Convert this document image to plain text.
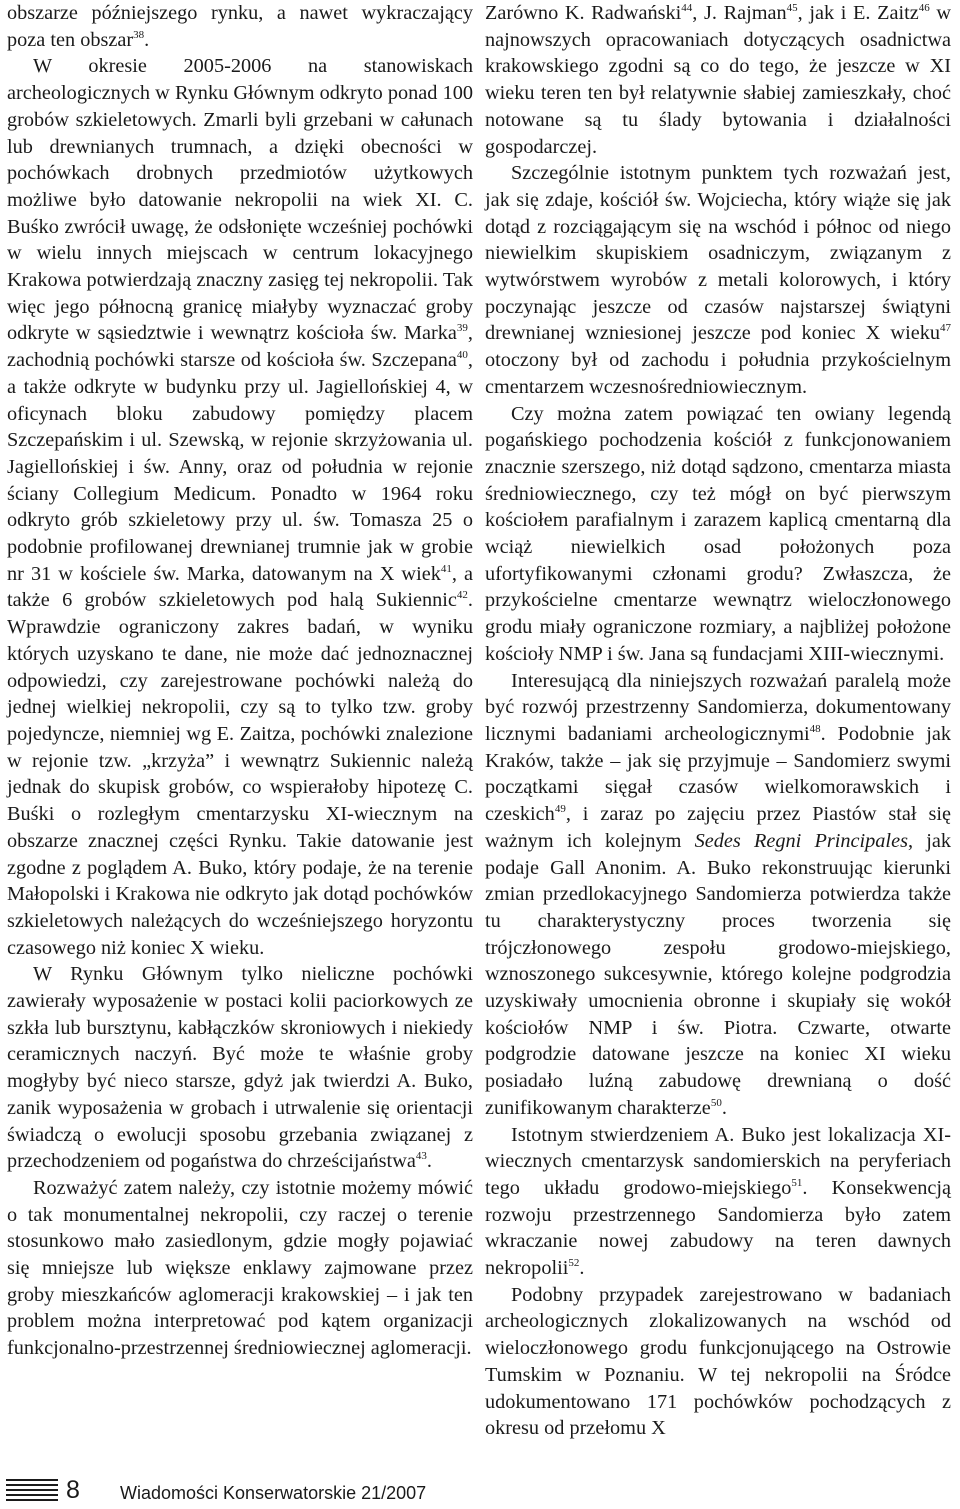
obszarze późniejszego rynku, a nawet wykraczający poza ten obszar$^{38}$.

W okresie 2005-2006 na stanowiskach archeologicznych w Rynku Głównym odkryto ponad 100 grobów szkieletowych. Zmarli byli grzebani w całunach lub drewnianych trumnach, a dzięki obecności w pochówkach drobnych przedmiotów użytkowych możliwe było datowanie nekropolii na wiek XI. C. Buśko zwrócił uwagę, że odsłonięte wcześniej pochówki w wielu innych miejscach w centrum lokacyjnego Krakowa potwierdzają znaczny zasięg tej nekropolii. Tak więc jego północną granicę miałyby wyznaczać groby odkryte w sąsiedztwie i wewnątrz kościoła św. Marka$^{39}$, zachodnią pochówki starsze od kościoła św. Szczepana$^{40}$, a także odkryte w budynku przy ul. Jagiellońskiej 4, w oficynach bloku zabudowy pomiędzy placem Szczepańskim i ul. Szewską, w rejonie skrzyżowania ul. Jagiellońskiej i św. Anny, oraz od południa w rejonie ściany Collegium Medicum. Ponadto w 1964 roku odkryto grób szkieletowy przy ul. św. Tomasza 25 o podobnie profilowanej drewnianej trumnie jak w grobie nr 31 w kościele św. Marka, datowanym na X wiek$^{41}$, a także 6 grobów szkieletowych pod halą Sukiennic$^{42}$. Wprawdzie ograniczony zakres badań, w wyniku których uzyskano te dane, nie może dać jednoznacznej odpowiedzi, czy zarejestrowane pochówki należą do jednej wielkiej nekropolii, czy są to tylko tzw. groby pojedyncze, niemniej wg E. Zaitza, pochówki znalezione w rejonie tzw. „krzyża” i wewnątrz Sukiennic należą jednak do skupisk grobów, co wspierałoby hipotezę C. Buśki o rozległym cmentarzysku XI-wiecznym na obszarze znacznej części Rynku. Takie datowanie jest zgodne z poglądem A. Buko, który podaje, że na terenie Małopolski i Krakowa nie odkryto jak dotąd pochówków szkieletowych należących do wcześniejszego horyzontu czasowego niż koniec X wieku.

W Rynku Głównym tylko nieliczne pochówki zawierały wyposażenie w postaci kolii paciorkowych ze szkła lub bursztynu, kabłączków skroniowych i niekiedy ceramicznych naczyń. Być może te właśnie groby mogłyby być nieco starsze, gdyż jak twierdzi A. Buko, zanik wyposażenia w grobach i utrwalenie się orientacji świadczą o ewolucji sposobu grzebania związanej z przechodzeniem od pogaństwa do chrześcijaństwa$^{43}$.

Rozważyć zatem należy, czy istotnie możemy mówić o tak monumentalnej nekropolii, czy raczej o terenie stosunkowo mało zasiedlonym, gdzie mogły pojawiać się mniejsze lub większe enklawy zajmowane przez groby mieszkańców aglomeracji krakowskiej – i jak ten problem można interpretować pod kątem organizacji funkcjonalno-przestrzennej średniowiecznej aglomeracji.

Zarówno K. Radwański$^{44}$, J. Rajman$^{45}$, jak i E. Zaitz$^{46}$ w najnowszych opracowaniach dotyczących osadnictwa krakowskiego zgodni są co do tego, że jeszcze w XI wieku teren ten był relatywnie słabiej zamieszkały, choć notowane są tu ślady bytowania i działalności gospodarczej.

Szczególnie istotnym punktem tych rozważań jest, jak się zdaje, kościół św. Wojciecha, który wiąże się jak dotąd z rozciągającym się na wschód i północ od niego niewielkim skupiskiem osadniczym, związanym z wytwórstwem wyrobów z metali kolorowych, i który poczynając jeszcze od czasów najstarszej świątyni drewnianej wzniesionej jeszcze pod koniec X wieku$^{47}$ otoczony był od zachodu i południa przykościelnym cmentarzem wczesnośredniowiecznym.

Czy można zatem powiązać ten owiany legendą pogańskiego pochodzenia kościół z funkcjonowaniem znacznie szerszego, niż dotąd sądzono, cmentarza miasta średniowiecznego, czy też mógł on być pierwszym kościołem parafialnym i zarazem kaplicą cmentarną dla wciąż niewielkich osad położonych poza ufortyfikowanymi członami grodu? Zwłaszcza, że przykościelne cmentarze wewnątrz wieloczłonowego grodu miały ograniczone rozmiary, a najbliżej położone kościoły NMP i św. Jana są fundacjami XIII-wiecznymi.

Interesującą dla niniejszych rozważań paralelą może być rozwój przestrzenny Sandomierza, dokumentowany licznymi badaniami archeologicznymi$^{48}$. Podobnie jak Kraków, także – jak się przyjmuje – Sandomierz swymi początkami sięgał czasów wielkomorawskich i czeskich$^{49}$, i zaraz po zajęciu przez Piastów stał się ważnym ich kolejnym Sedes Regni Principales, jak podaje Gall Anonim. A. Buko rekonstruując kierunki zmian przedlokacyjnego Sandomierza potwierdza także tu charakterystyczny proces tworzenia się trójczłonowego zespołu grodowo-miejskiego, wznoszonego sukcesywnie, którego kolejne podgrodzia uzyskiwały umocnienia obronne i skupiały się wokół kościołów NMP i św. Piotra. Czwarte, otwarte podgrodzie datowane jeszcze na koniec XI wieku posiadało luźną zabudowę drewnianą o dość zunifikowanym charakterze$^{50}$.

Istotnym stwierdzeniem A. Buko jest lokalizacja XI-wiecznych cmentarzysk sandomierskich na peryferiach tego układu grodowo-miejskiego$^{51}$. Konsekwencją rozwoju przestrzennego Sandomierza było zatem wkraczanie nowej zabudowy na teren dawnych nekropolii$^{52}$.

Podobny przypadek zarejestrowano w badaniach archeologicznych zlokalizowanych na wschód od wieloczłonowego grodu funkcjonującego na Ostrowie Tumskim w Poznaniu. W tej nekropolii na Śródce udokumentowano 171 pochówków pochodzących z okresu od przełomu X

8 Wiadomości Konserwatorskie 21/2007
